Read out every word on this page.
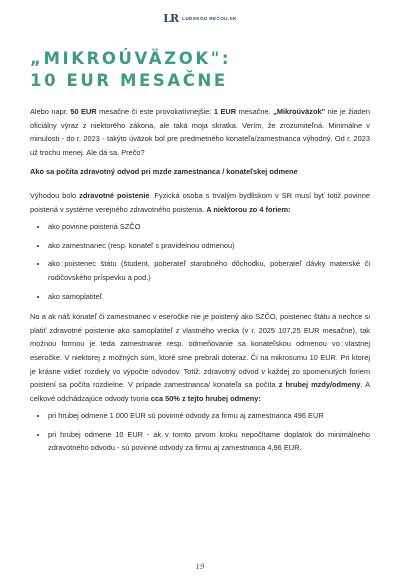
LR LUDSKOU REČOU.SK
„MIKROÚVÄZOK":
10 EUR MESAČNE

Alebo napr. 50 EUR mesačne či este provokatívnejšie: 1 EUR mesačne. „Mikroúväzok" nie je žiaden oficiálny výraz z niektorého zákona, ale taká moja skratka. Verím, že zrozumiteľná. Minimálne v minulosti - do r. 2023 - takýto úväzok bol pre predmetného konateľa/zamestnanca výhodný. Od r. 2023 už trochu menej. Ale dá sa. Prečo?

Ako sa počíta zdravotný odvod pri mzde zamestnanca / konateľskej odmene

Výhodou bolo zdravotné poistenie. Fyzická osoba s trvalým bydliskom v SR musí byť totiž povinne poistená v systéme verejného zdravotného poistenia. A niektorou zo 4 foriem:

• ako povinne poistená SZČO
• ako zamestnanec (resp. konateľ s pravidelnou odmenou)
• ako poistenec štátu (študent, poberateľ starobného dôchodku, poberateľ dávky materské či rodičovského príspevku a pod.)
• ako samoplatiteľ.

No a ak náš konateľ či zamestnanec v eseročke nie je poistený ako SZČO, poistenec štátu a nechce si platiť zdravotné poistenie ako samoplatiteľ z vlastného vrecka (v r. 2025 107,25 EUR mesačne), tak možnou formou je teda zamestnanie resp. odmeňovanie sa konateľskou odmenou vo vlastnej eseročke. V niektorej z možných súm, ktoré sme prebrali doteraz. Či na mikrosumu 10 EUR. Pri ktorej je krásne vidieť rozdiely vo výpočte odvodov. Totiž: zdravotný odvod v každej zo spomenutých foriem poistení sa počíta rozdielne. V prípade zamestnanca/ konateľa sa počíta z hrubej mzdy/odmeny. A celkové odchádzajúce odvody tvoria cca 50% z tejto hrubej odmeny:

• pri hrubej odmene 1 000 EUR sú povinné odvody za firmu aj zamestnanca 496 EUR
• pri hrubej odmene 10 EUR - ak v tomto prvom kroku nepočítame doplatok do minimálneho zdravotného odvodu - sú povinné odvody za firmu aj zamestnanca 4,96 EUR.
19
